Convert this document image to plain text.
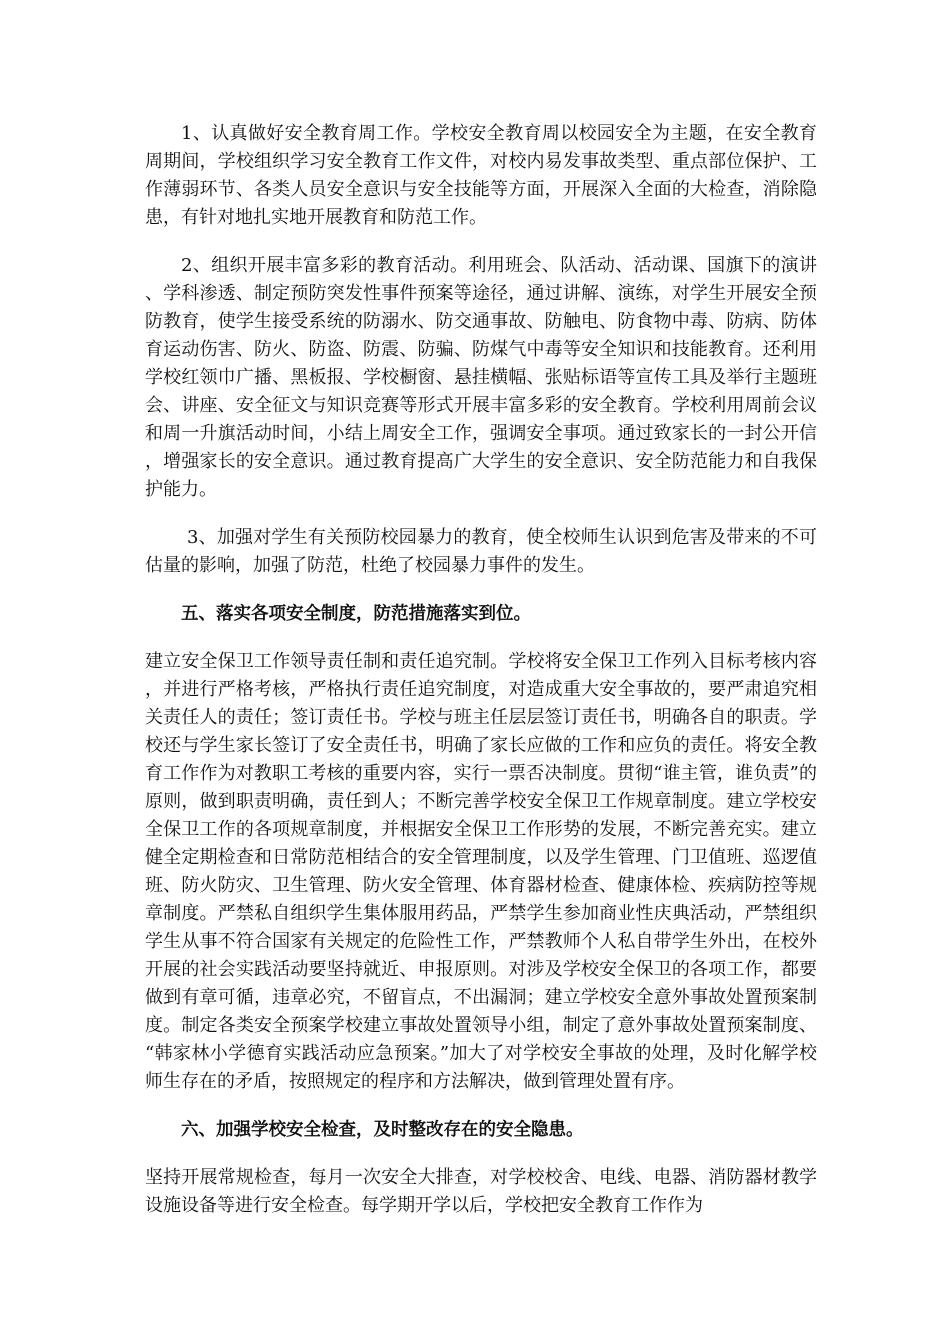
1、认真做好安全教育周工作。学校安全教育周以校园安全为主题，在安全教育周期间，学校组织学习安全教育工作文件，对校内易发事故类型、重点部位保护、工作薄弱环节、各类人员安全意识与安全技能等方面，开展深入全面的大检查，消除隐患，有针对地扎实地开展教育和防范工作。

2、组织开展丰富多彩的教育活动。利用班会、队活动、活动课、国旗下的演讲、学科渗透、制定预防突发性事件预案等途径，通过讲解、演练，对学生开展安全预防教育，使学生接受系统的防溺水、防交通事故、防触电、防食物中毒、防病、防体育运动伤害、防火、防盗、防震、防骗、防煤气中毒等安全知识和技能教育。还利用学校红领巾广播、黑板报、学校橱窗、悬挂横幅、张贴标语等宣传工具及举行主题班会、讲座、安全征文与知识竞赛等形式开展丰富多彩的安全教育。学校利用周前会议和周一升旗活动时间，小结上周安全工作，强调安全事项。通过致家长的一封公开信，增强家长的安全意识。通过教育提高广大学生的安全意识、安全防范能力和自我保护能力。

3、加强对学生有关预防校园暴力的教育，使全校师生认识到危害及带来的不可估量的影响，加强了防范，杜绝了校园暴力事件的发生。

五、落实各项安全制度，防范措施落实到位。

建立安全保卫工作领导责任制和责任追究制。学校将安全保卫工作列入目标考核内容，并进行严格考核，严格执行责任追究制度，对造成重大安全事故的，要严肃追究相关责任人的责任；签订责任书。学校与班主任层层签订责任书，明确各自的职责。学校还与学生家长签订了安全责任书，明确了家长应做的工作和应负的责任。将安全教育工作作为对教职工考核的重要内容，实行一票否决制度。贯彻“谁主管，谁负责”的原则，做到职责明确，责任到人；不断完善学校安全保卫工作规章制度。建立学校安全保卫工作的各项规章制度，并根据安全保卫工作形势的发展，不断完善充实。建立健全定期检查和日常防范相结合的安全管理制度，以及学生管理、门卫值班、巡逻值班、防火防灾、卫生管理、防火安全管理、体育器材检查、健康体检、疾病防控等规章制度。严禁私自组织学生集体服用药品，严禁学生参加商业性庆典活动，严禁组织学生从事不符合国家有关规定的危险性工作，严禁教师个人私自带学生外出，在校外开展的社会实践活动要坚持就近、申报原则。对涉及学校安全保卫的各项工作，都要做到有章可循，违章必究，不留盲点，不出漏洞；建立学校安全意外事故处置预案制度。制定各类安全预案学校建立事故处置领导小组，制定了意外事故处置预案制度、“韩家林小学德育实践活动应急预案。”加大了对学校安全事故的处理，及时化解学校师生存在的矛盾，按照规定的程序和方法解决，做到管理处置有序。

六、加强学校安全检查，及时整改存在的安全隐患。

坚持开展常规检查，每月一次安全大排查，对学校校舍、电线、电器、消防器材教学设施设备等进行安全检查。每学期开学以后，学校把安全教育工作作为
